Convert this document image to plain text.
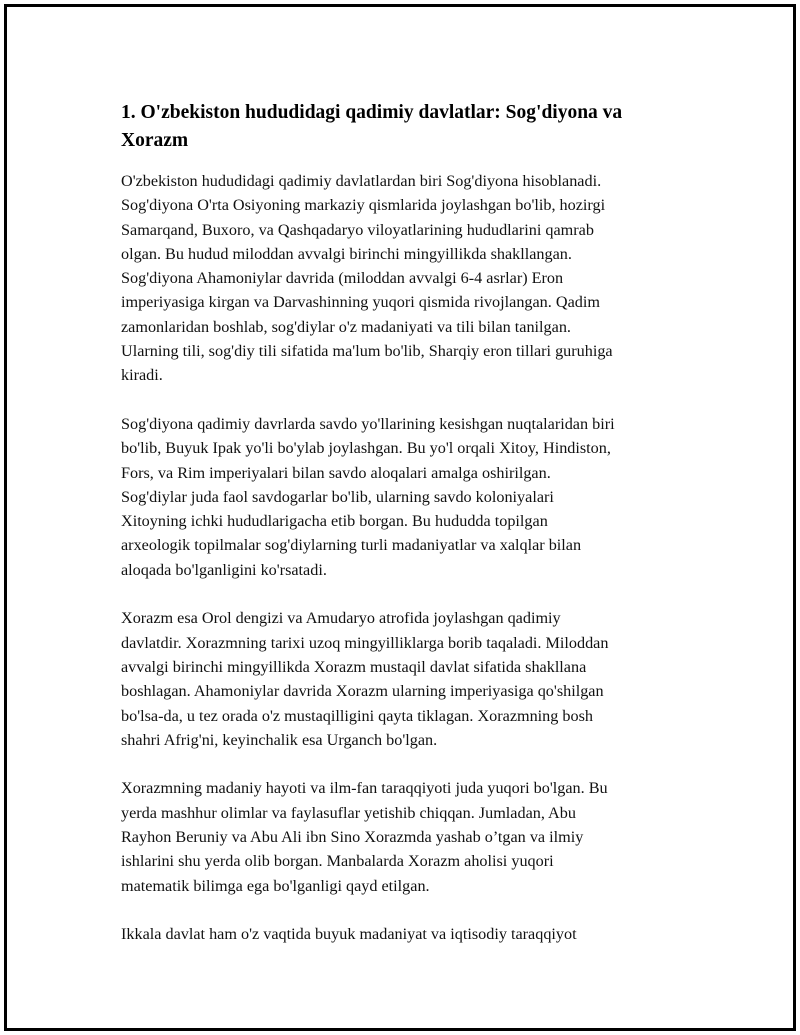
1. O'zbekiston hududidagi qadimiy davlatlar: Sog'diyona va
Xorazm

O'zbekiston hududidagi qadimiy davlatlardan biri Sog'diyona hisoblanadi.
Sog'diyona O'rta Osiyoning markaziy qismlarida joylashgan bo'lib, hozirgi
Samarqand, Buxoro, va Qashqadaryo viloyatlarining hududlarini qamrab
olgan. Bu hudud miloddan avvalgi birinchi mingyillikda shakllangan.
Sog'diyona Ahamoniylar davrida (miloddan avvalgi 6-4 asrlar) Eron
imperiyasiga kirgan va Darvashinning yuqori qismida rivojlangan. Qadim
zamonlaridan boshlab, sog'diylar o'z madaniyati va tili bilan tanilgan.
Ularning tili, sog'diy tili sifatida ma'lum bo'lib, Sharqiy eron tillari guruhiga
kiradi.

Sog'diyona qadimiy davrlarda savdo yo'llarining kesishgan nuqtalaridan biri
bo'lib, Buyuk Ipak yo'li bo'ylab joylashgan. Bu yo'l orqali Xitoy, Hindiston,
Fors, va Rim imperiyalari bilan savdo aloqalari amalga oshirilgan.
Sog'diylar juda faol savdogarlar bo'lib, ularning savdo koloniyalari
Xitoyning ichki hududlarigacha etib borgan. Bu hududda topilgan
arxeologik topilmalar sog'diylarning turli madaniyatlar va xalqlar bilan
aloqada bo'lganligini ko'rsatadi.

Xorazm esa Orol dengizi va Amudaryo atrofida joylashgan qadimiy
davlatdir. Xorazmning tarixi uzoq mingyilliklarga borib taqaladi. Miloddan
avvalgi birinchi mingyillikda Xorazm mustaqil davlat sifatida shakllana
boshlagan. Ahamoniylar davrida Xorazm ularning imperiyasiga qo'shilgan
bo'lsa-da, u tez orada o'z mustaqilligini qayta tiklagan. Xorazmning bosh
shahri Afrig'ni, keyinchalik esa Urganch bo'lgan.

Xorazmning madaniy hayoti va ilm-fan taraqqiyoti juda yuqori bo'lgan. Bu
yerda mashhur olimlar va faylasuflar yetishib chiqqan. Jumladan, Abu
Rayhon Beruniy va Abu Ali ibn Sino Xorazmda yashab o’tgan va ilmiy
ishlarini shu yerda olib borgan. Manbalarda Xorazm aholisi yuqori
matematik bilimga ega bo'lganligi qayd etilgan.

Ikkala davlat ham o'z vaqtida buyuk madaniyat va iqtisodiy taraqqiyot
